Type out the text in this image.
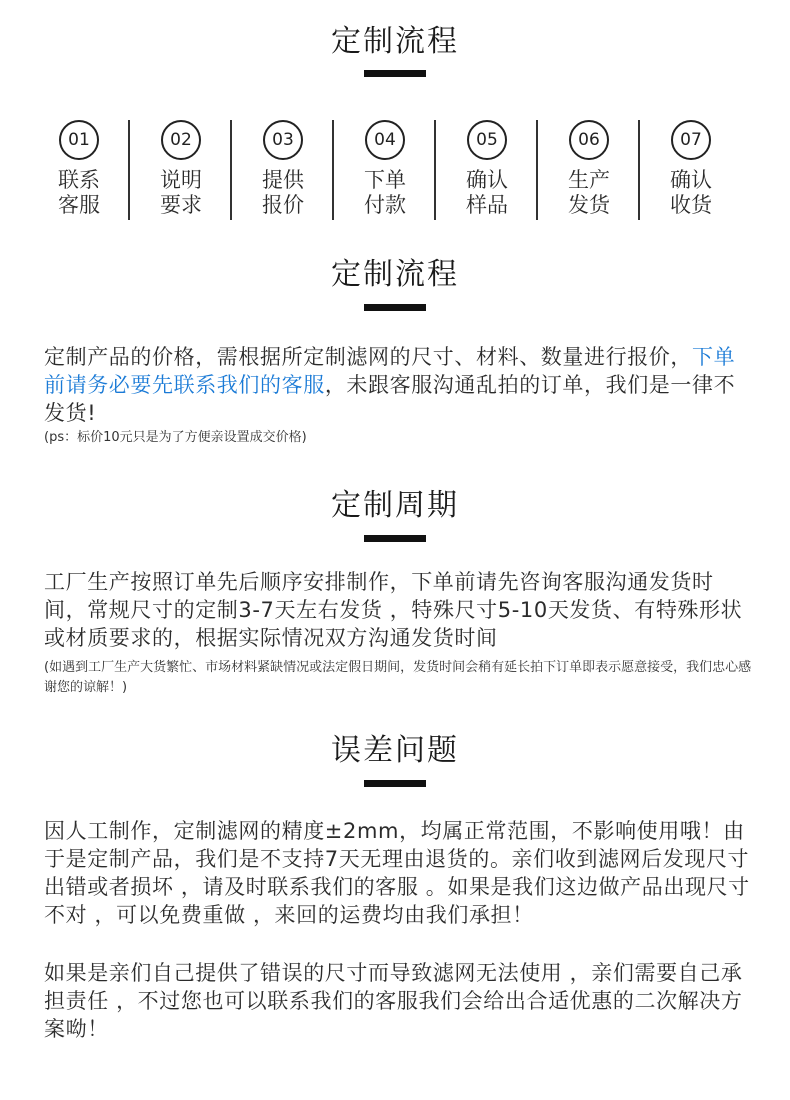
定制流程
01
联系客服
02
说明要求
03
提供报价
04
下单付款
05
确认样品
06
生产发货
07
确认收货
定制流程
定制产品的价格，需根据所定制滤网的尺寸、材料、数量进行报价，下单前请务必要先联系我们的客服，未跟客服沟通乱拍的订单，我们是一律不发货!
(ps：标价10元只是为了方便亲设置成交价格)
定制周期
工厂生产按照订单先后顺序安排制作，下单前请先咨询客服沟通发货时间，常规尺寸的定制3-7天左右发货 ，特殊尺寸5-10天发货、有特殊形状或材质要求的，根据实际情况双方沟通发货时间
(如遇到工厂生产大货繁忙、市场材料紧缺情况或法定假日期间，发货时间会稍有延长拍下订单即表示愿意接受，我们忠心感谢您的谅解！)
误差问题
因人工制作，定制滤网的精度±2mm，均属正常范围，不影响使用哦！由于是定制产品，我们是不支持7天无理由退货的。亲们收到滤网后发现尺寸出错或者损坏 ，请及时联系我们的客服 。如果是我们这边做产品出现尺寸不对 ，可以免费重做 ，来回的运费均由我们承担！
如果是亲们自己提供了错误的尺寸而导致滤网无法使用 ，亲们需要自己承担责任 ，不过您也可以联系我们的客服我们会给出合适优惠的二次解决方案呦！
